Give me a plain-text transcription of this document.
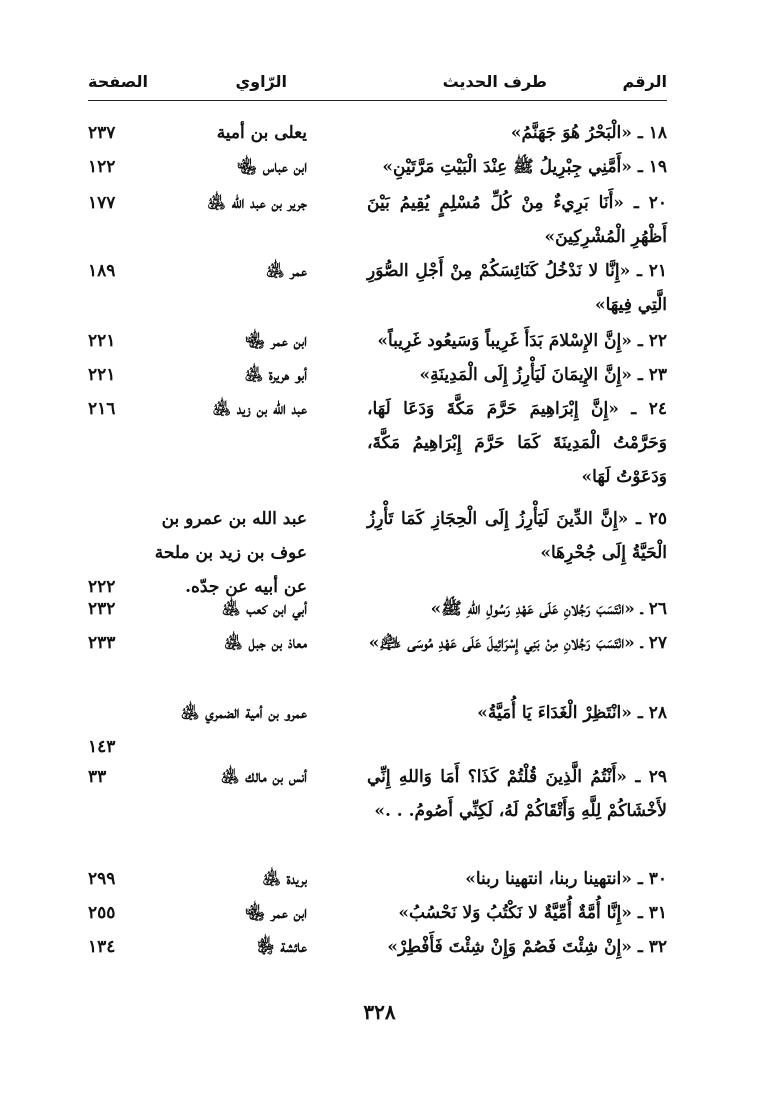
الرقم
طرف الحديث
الرّاوي
الصفحة
١٨ ـ «الْبَحْرُ هُوَ جَهَنَّمُ»
يعلى بن أمية
٢٣٧
١٩ ـ «أَمَّنِي جِبْرِيلُ ﷺ عِنْدَ الْبَيْتِ مَرَّتَيْنِ»
ابن عباس ﵄
١٢٢
٢٠ ـ «أَنَا بَرِيءٌ مِنْ كُلِّ مُسْلِمٍ يُقِيمُ بَيْنَ أَظْهُرِ الْمُشْرِكِينَ»
جرير بن عبد الله ﵁
١٧٧
٢١ ـ «إِنَّا لا نَدْخُلُ كَنَائِسَكُمْ مِنْ أَجْلِ الصُّوَرِ الَّتِي فِيهَا»
عمر ﵁
١٨٩
٢٢ ـ «إِنَّ الإِسْلامَ بَدَأَ غَرِيباً وَسَيعُود غَرِيباً»
ابن عمر ﵄
٢٢١
٢٣ ـ «إِنَّ الإِيمَانَ لَيَأْرِزُ إِلَى الْمَدِينَةِ»
أبو هريرة ﵁
٢٢١
٢٤ ـ «إِنَّ إِبْرَاهِيمَ حَرَّمَ مَكَّةَ وَدَعَا لَهَا، وَحَرَّمْتُ الْمَدِينَةَ كَمَا حَرَّمَ إِبْرَاهِيمُ مَكَّةَ، وَدَعَوْتُ لَهَا»
عبد الله بن زيد ﵁
٢١٦
٢٥ ـ «إِنَّ الدِّينَ لَيَأْرِزُ إِلَى الْحِجَازِ كَمَا تَأْرِزُ الْحَيَّةُ إِلَى جُحْرِهَا»
عبد الله بن عمرو بن عوف بن زيد بن ملحة عن أبيه عن جدّه.
٢٢٢
٢٦ ـ «انْتَسَبَ رَجُلانِ عَلَى عَهْدِ رَسُولِ اللهِ ﷺ»
أبي ابن كعب ﵁
٢٣٢
٢٧ ـ «انْتَسَبَ رَجُلانِ مِنْ بَنِي إِسْرَائِيلَ عَلَى عَهْدِ مُوسَى ﵇»
معاذ بن جبل ﵁
٢٣٣
٢٨ ـ «انْتَظِرْ الْغَدَاءَ يَا أُمَيَّةُ»
عمرو بن أمية الضمري ﵁
١٤٣
٢٩ ـ «أَنْتُمُ الَّذِينَ قُلْتُمْ كَذَا؟ أَمَا وَاللهِ إِنِّي لأَخْشَاكُمْ لِلَّهِ وَأَتْقَاكُمْ لَهُ، لَكِنِّي أَصُومُ. . .»
أنس بن مالك ﵁
٣٣
٣٠ ـ «انتهينا ربنا، انتهينا ربنا»
بريدة ﵁
٢٩٩
٣١ ـ «إِنَّا أُمَّةٌ أُمِّيَّةٌ لا نَكْتُبُ وَلا نَحْسُبُ»
ابن عمر ﵄
٢٥٥
٣٢ ـ «إِنْ شِئْتَ فَصُمْ وَإِنْ شِئْتَ فَأَفْطِرْ»
عائشة ﵂
١٣٤
٣٢٨
